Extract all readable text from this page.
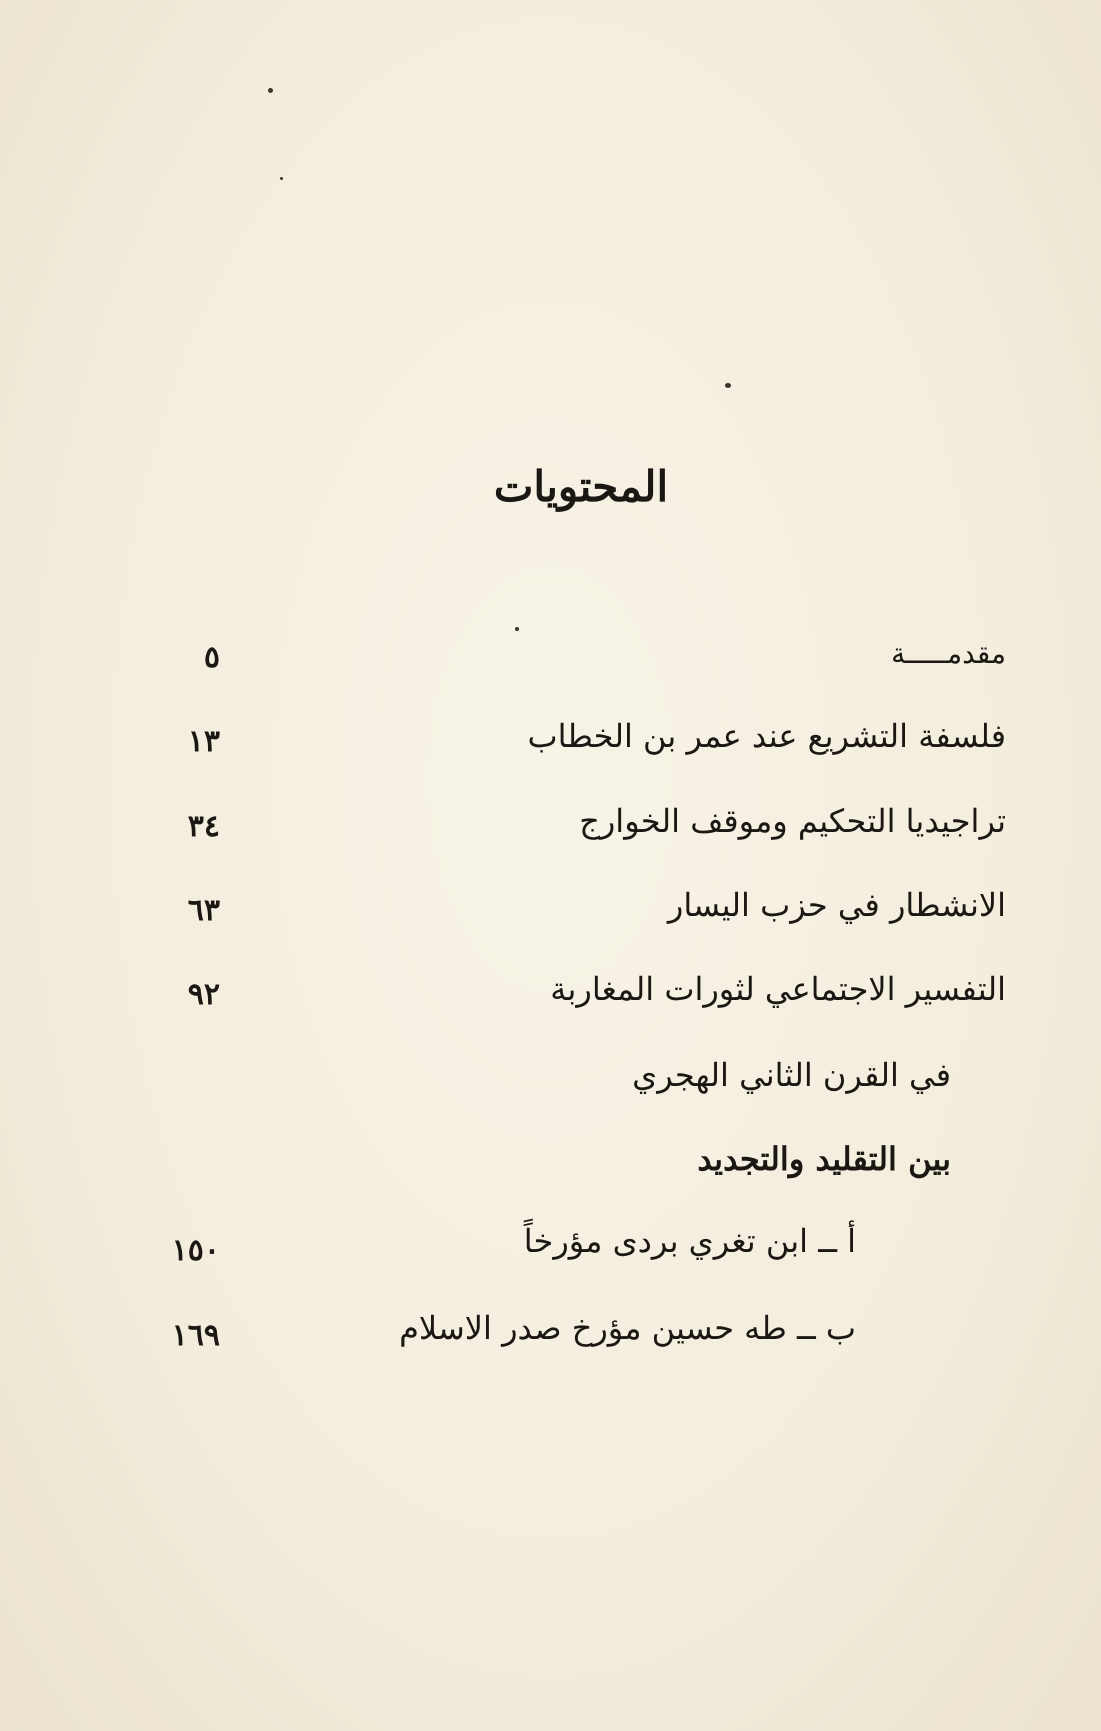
المحتويات
مقدمـــــة
٥
فلسفة التشريع عند عمر بن الخطاب
١٣
تراجيديا التحكيم وموقف الخوارج
٣٤
الانشطار في حزب اليسار
٦٣
التفسير الاجتماعي لثورات المغاربة
٩٢
في القرن الثاني الهجري
بين التقليد والتجديد
أ ــ ابن تغري بردى مؤرخاً
١٥٠
ب ــ طه حسين مؤرخ صدر الاسلام
١٦٩
